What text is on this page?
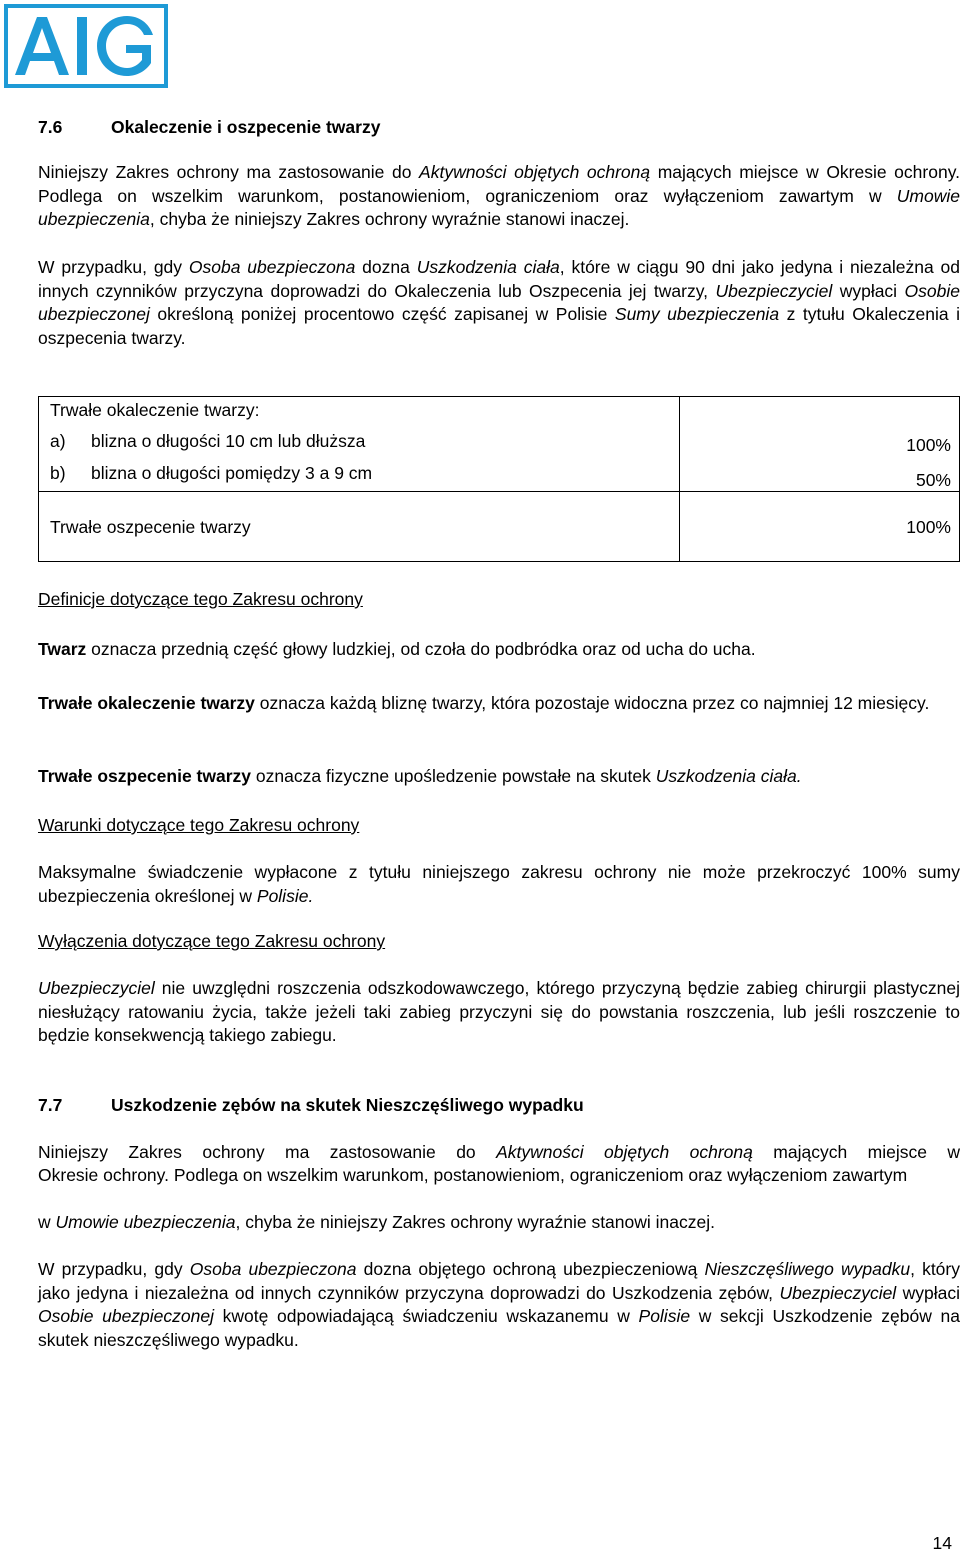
7.6	Okaleczenie i oszpecenie twarzy
Niniejszy Zakres ochrony ma zastosowanie do Aktywności objętych ochroną mających miejsce w Okresie ochrony. Podlega on wszelkim warunkom, postanowieniom, ograniczeniom oraz wyłączeniom zawartym w Umowie ubezpieczenia, chyba że niniejszy Zakres ochrony wyraźnie stanowi inaczej.
W przypadku, gdy Osoba ubezpieczona dozna Uszkodzenia ciała, które w ciągu 90 dni jako jedyna i niezależna od innych czynników przyczyna doprowadzi do Okaleczenia lub Oszpecenia jej twarzy, Ubezpieczyciel wypłaci Osobie ubezpieczonej określoną poniżej procentowo część zapisanej w Polisie Sumy ubezpieczenia z tytułu Okaleczenia i oszpecenia twarzy.
Trwałe okaleczenie twarzy:
a) blizna o długości 10 cm lub dłuższa	100%
b) blizna o długości pomiędzy 3 a 9 cm	50%
Trwałe oszpecenie twarzy	100%
Definicje dotyczące tego Zakresu ochrony
Twarz oznacza przednią część głowy ludzkiej, od czoła do podbródka oraz od ucha do ucha.
Trwałe okaleczenie twarzy oznacza każdą bliznę twarzy, która pozostaje widoczna przez co najmniej 12 miesięcy.
Trwałe oszpecenie twarzy oznacza fizyczne upośledzenie powstałe na skutek Uszkodzenia ciała.
Warunki dotyczące tego Zakresu ochrony
Maksymalne świadczenie wypłacone z tytułu niniejszego zakresu ochrony nie może przekroczyć 100% sumy ubezpieczenia określonej w Polisie.
Wyłączenia dotyczące tego Zakresu ochrony
Ubezpieczyciel nie uwzględni roszczenia odszkodowawczego, którego przyczyną będzie zabieg chirurgii plastycznej niesłużący ratowaniu życia, także jeżeli taki zabieg przyczyni się do powstania roszczenia, lub jeśli roszczenie to będzie konsekwencją takiego zabiegu.
7.7	Uszkodzenie zębów na skutek Nieszczęśliwego wypadku
Niniejszy Zakres ochrony ma zastosowanie do Aktywności objętych ochroną mających miejsce w
Okresie ochrony. Podlega on wszelkim warunkom, postanowieniom, ograniczeniom oraz wyłączeniom zawartym
w Umowie ubezpieczenia, chyba że niniejszy Zakres ochrony wyraźnie stanowi inaczej.
W przypadku, gdy Osoba ubezpieczona dozna objętego ochroną ubezpieczeniową Nieszczęśliwego wypadku, który jako jedyna i niezależna od innych czynników przyczyna doprowadzi do Uszkodzenia zębów, Ubezpieczyciel wypłaci Osobie ubezpieczonej kwotę odpowiadającą świadczeniu wskazanemu w Polisie w sekcji Uszkodzenie zębów na skutek nieszczęśliwego wypadku.
14
